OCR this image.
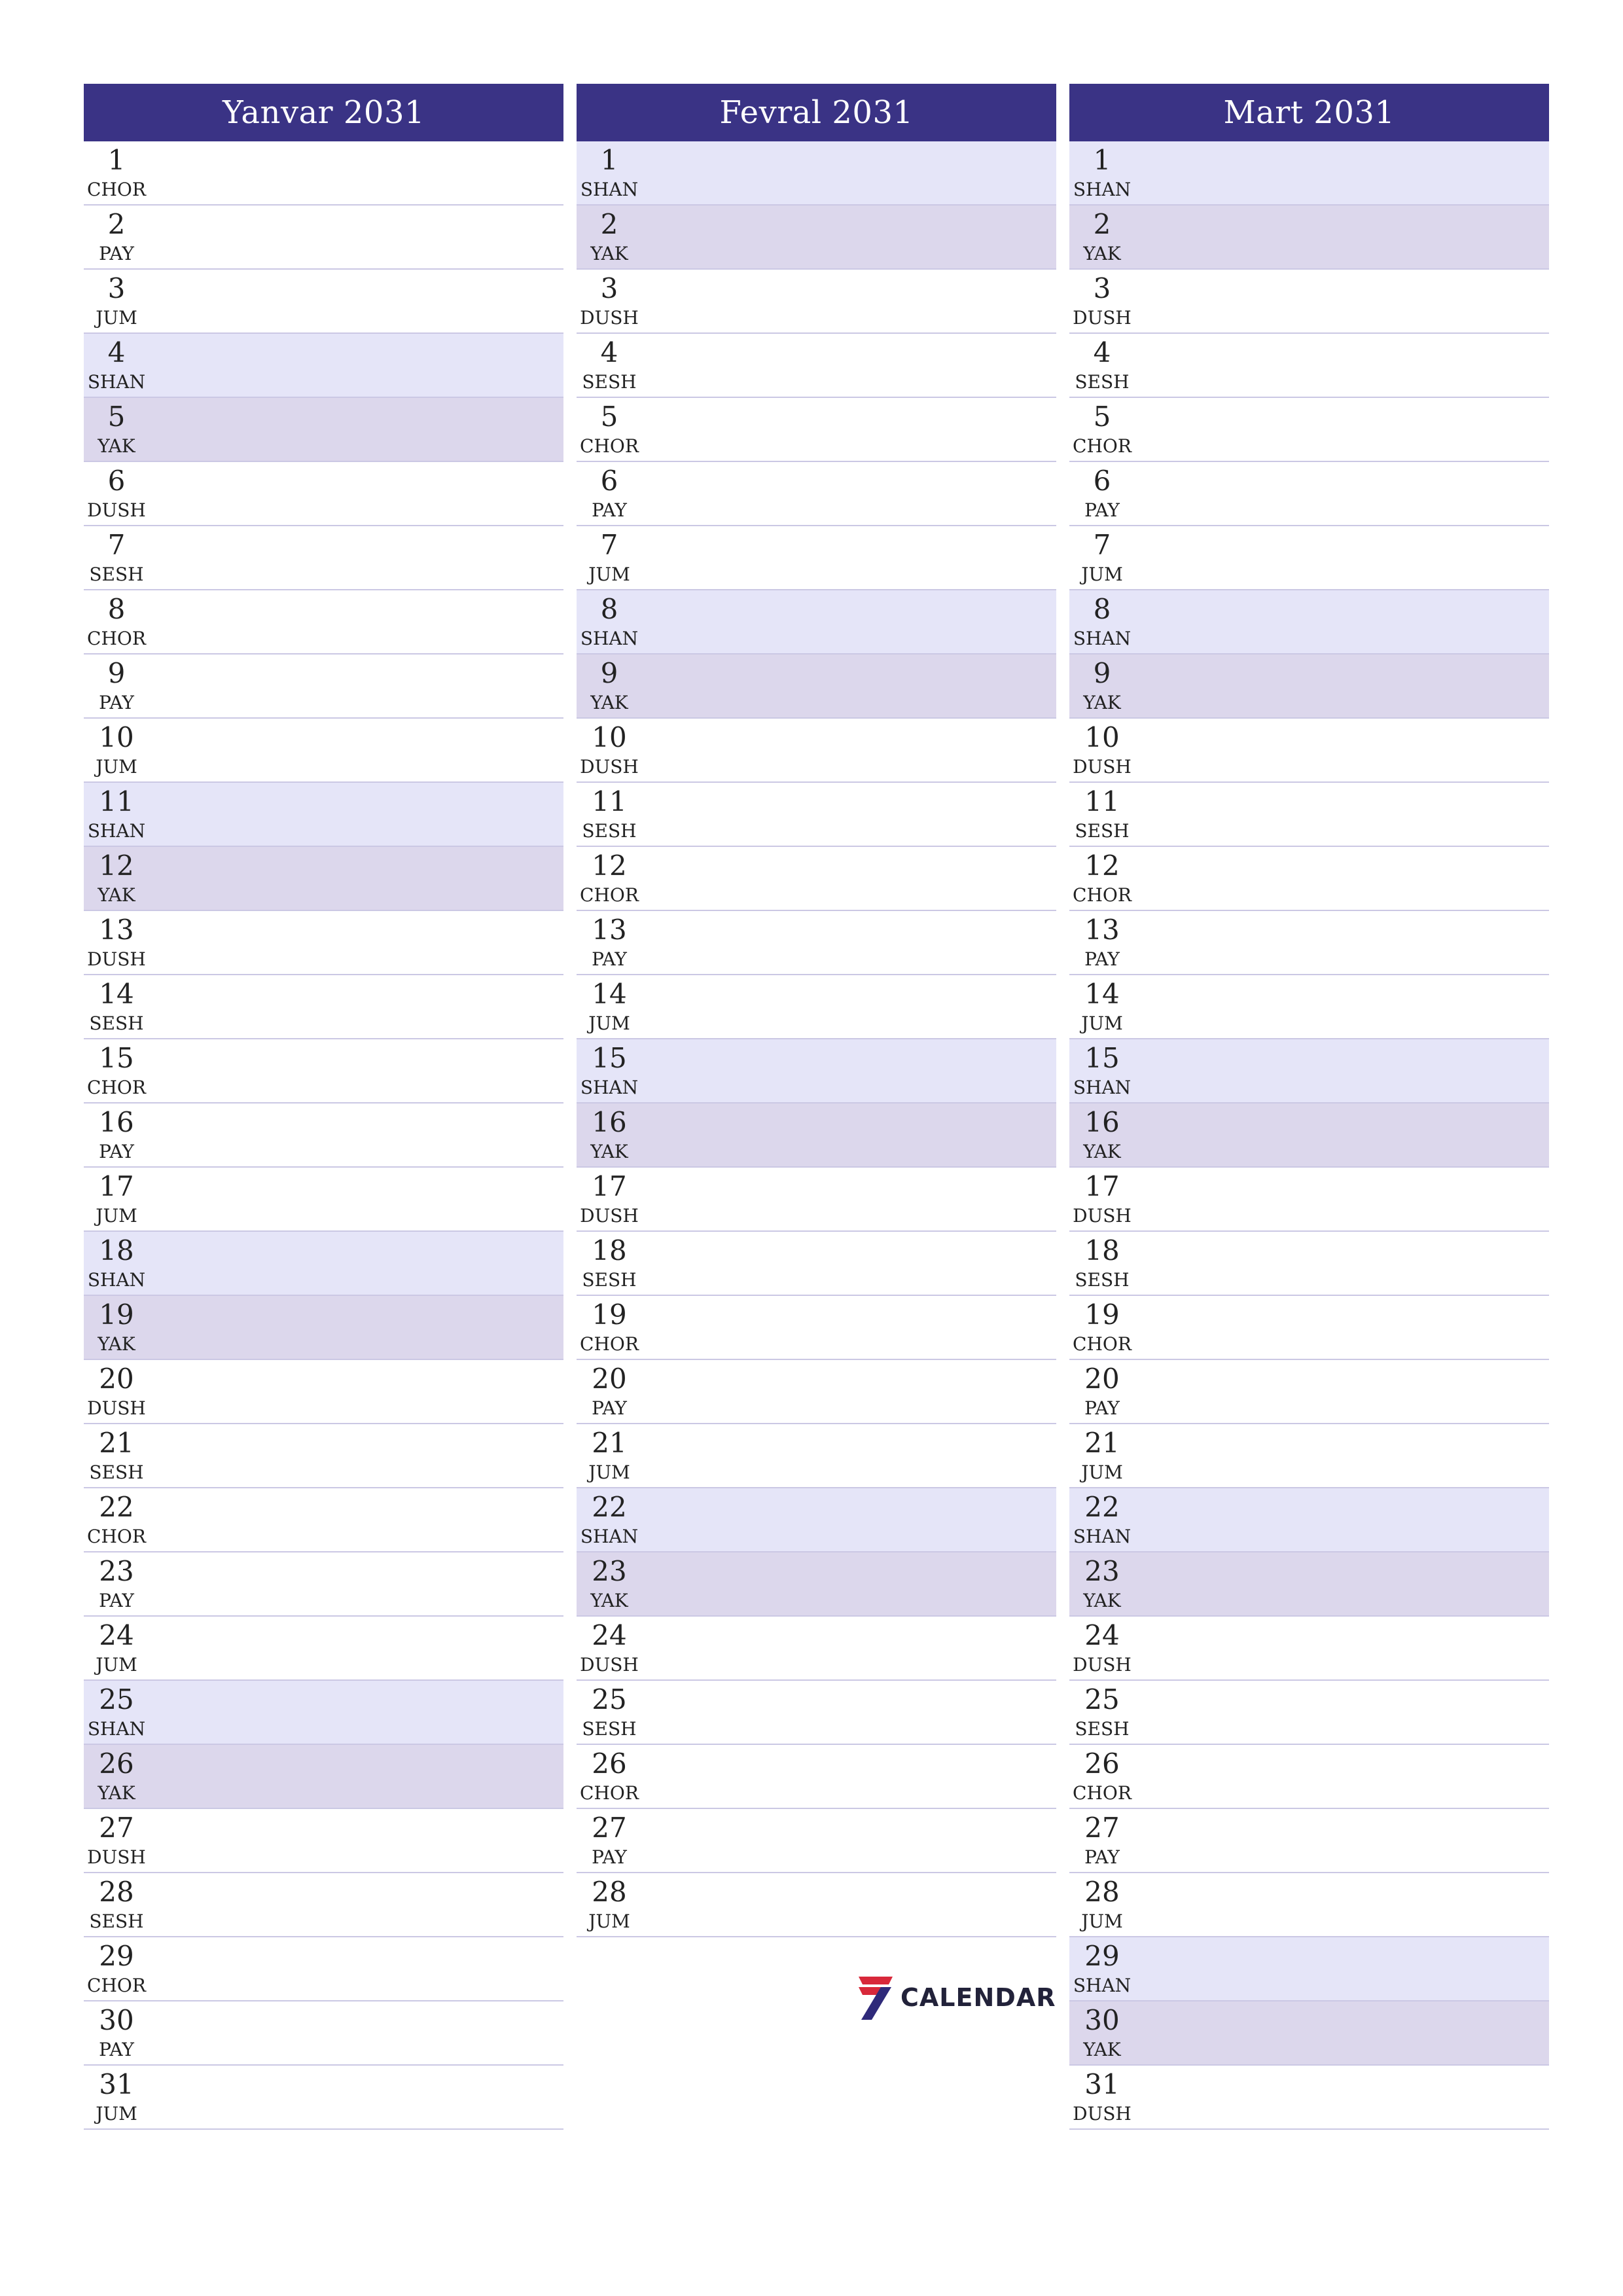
Yanvar 2031
1
CHOR
2
PAY
3
JUM
4
SHAN
5
YAK
6
DUSH
7
SESH
8
CHOR
9
PAY
10
JUM
11
SHAN
12
YAK
13
DUSH
14
SESH
15
CHOR
16
PAY
17
JUM
18
SHAN
19
YAK
20
DUSH
21
SESH
22
CHOR
23
PAY
24
JUM
25
SHAN
26
YAK
27
DUSH
28
SESH
29
CHOR
30
PAY
31
JUM
Fevral 2031
1
SHAN
2
YAK
3
DUSH
4
SESH
5
CHOR
6
PAY
7
JUM
8
SHAN
9
YAK
10
DUSH
11
SESH
12
CHOR
13
PAY
14
JUM
15
SHAN
16
YAK
17
DUSH
18
SESH
19
CHOR
20
PAY
21
JUM
22
SHAN
23
YAK
24
DUSH
25
SESH
26
CHOR
27
PAY
28
JUM
Mart 2031
1
SHAN
2
YAK
3
DUSH
4
SESH
5
CHOR
6
PAY
7
JUM
8
SHAN
9
YAK
10
DUSH
11
SESH
12
CHOR
13
PAY
14
JUM
15
SHAN
16
YAK
17
DUSH
18
SESH
19
CHOR
20
PAY
21
JUM
22
SHAN
23
YAK
24
DUSH
25
SESH
26
CHOR
27
PAY
28
JUM
29
SHAN
30
YAK
31
DUSH
CALENDAR
